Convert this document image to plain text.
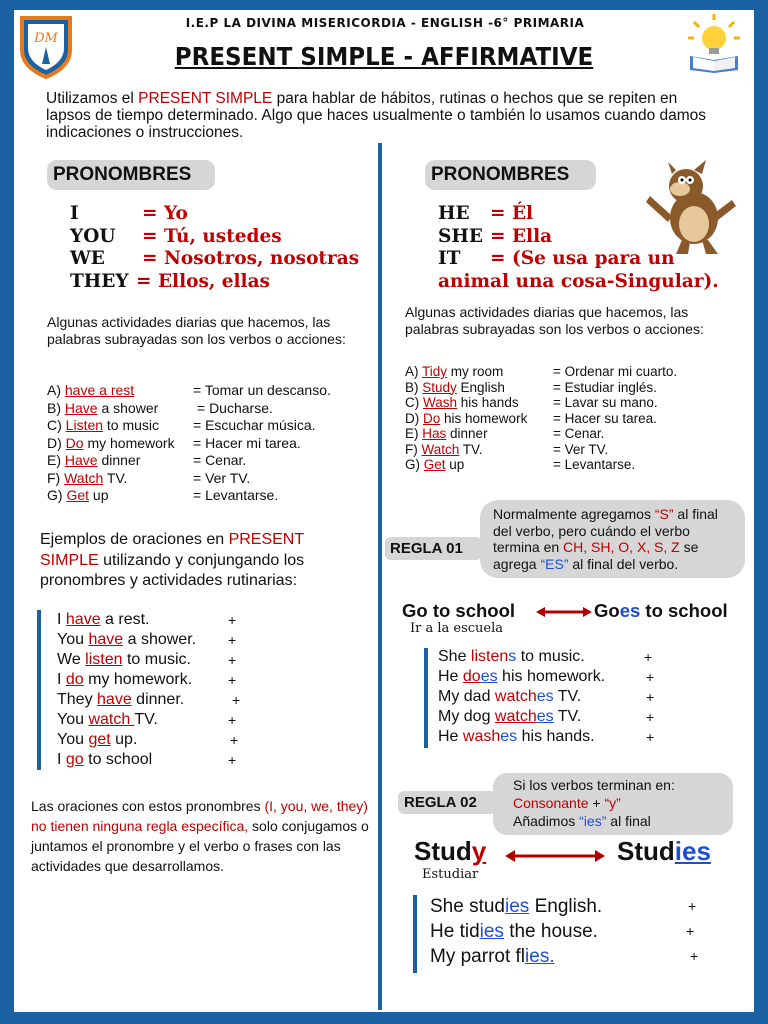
DM
I.E.P LA DIVINA MISERICORDIA - ENGLISH -6° PRIMARIA
PRESENT SIMPLE - AFFIRMATIVE
Utilizamos el PRESENT SIMPLE para hablar de hábitos, rutinas o hechos que se repiten en lapsos de tiempo determinado. Algo que haces usualmente o también lo usamos cuando damos indicaciones o instrucciones.
PRONOMBRES
I	= Yo
YOU = Tú, ustedes
WE = Nosotros, nosotras
THEY = Ellos, ellas
Algunas actividades diarias que hacemos, las palabras subrayadas son los verbos o acciones:
A) have a rest	= Tomar un descanso.
B) Have a shower	= Ducharse.
C) Listen to music	= Escuchar música.
D) Do my homework	= Hacer mi tarea.
E) Have dinner	= Cenar.
F) Watch TV.	= Ver TV.
G) Get up	= Levantarse.
Ejemplos de oraciones en PRESENT SIMPLE utilizando y conjungando los pronombres y actividades rutinarias:
I have a rest.	+
You have a shower. +
We listen to music.	+
I do my homework.	+
They have dinner.	+
You watch TV.	+
You get up.	+
I go to school	+
Las oraciones con estos pronombres (I, you, we, they) no tienen ninguna regla específica, solo conjugamos o juntamos el pronombre y el verbo o frases con las actividades que desarrollamos.
PRONOMBRES
HE = Él
SHE = Ella
IT = (Se usa para un animal una cosa-Singular).
Algunas actividades diarias que hacemos, las palabras subrayadas son los verbos o acciones:
A) Tidy my room	= Ordenar mi cuarto.
B) Study English	= Estudiar inglés.
C) Wash his hands	= Lavar su mano.
D) Do his homework	= Hacer su tarea.
E) Has dinner	= Cenar.
F) Watch TV.	= Ver TV.
G) Get up	= Levantarse.
REGLA 01
Normalmente agregamos “S” al final del verbo, pero cuándo el verbo termina en CH, SH, O, X, S, Z se agrega “ES” al final del verbo.
Go to school	Goes to school
Ir a la escuela
She listens to music.	+
He does his homework.	+
My dad watches TV.	+
My dog watches TV.	+
He washes his hands.	+
REGLA 02
Si los verbos terminan en:
Consonante + “y”
Añadimos “ies” al final
Study	Studies
Estudiar
She studies English.	+
He tidies the house.	+
My parrot flies.	+
